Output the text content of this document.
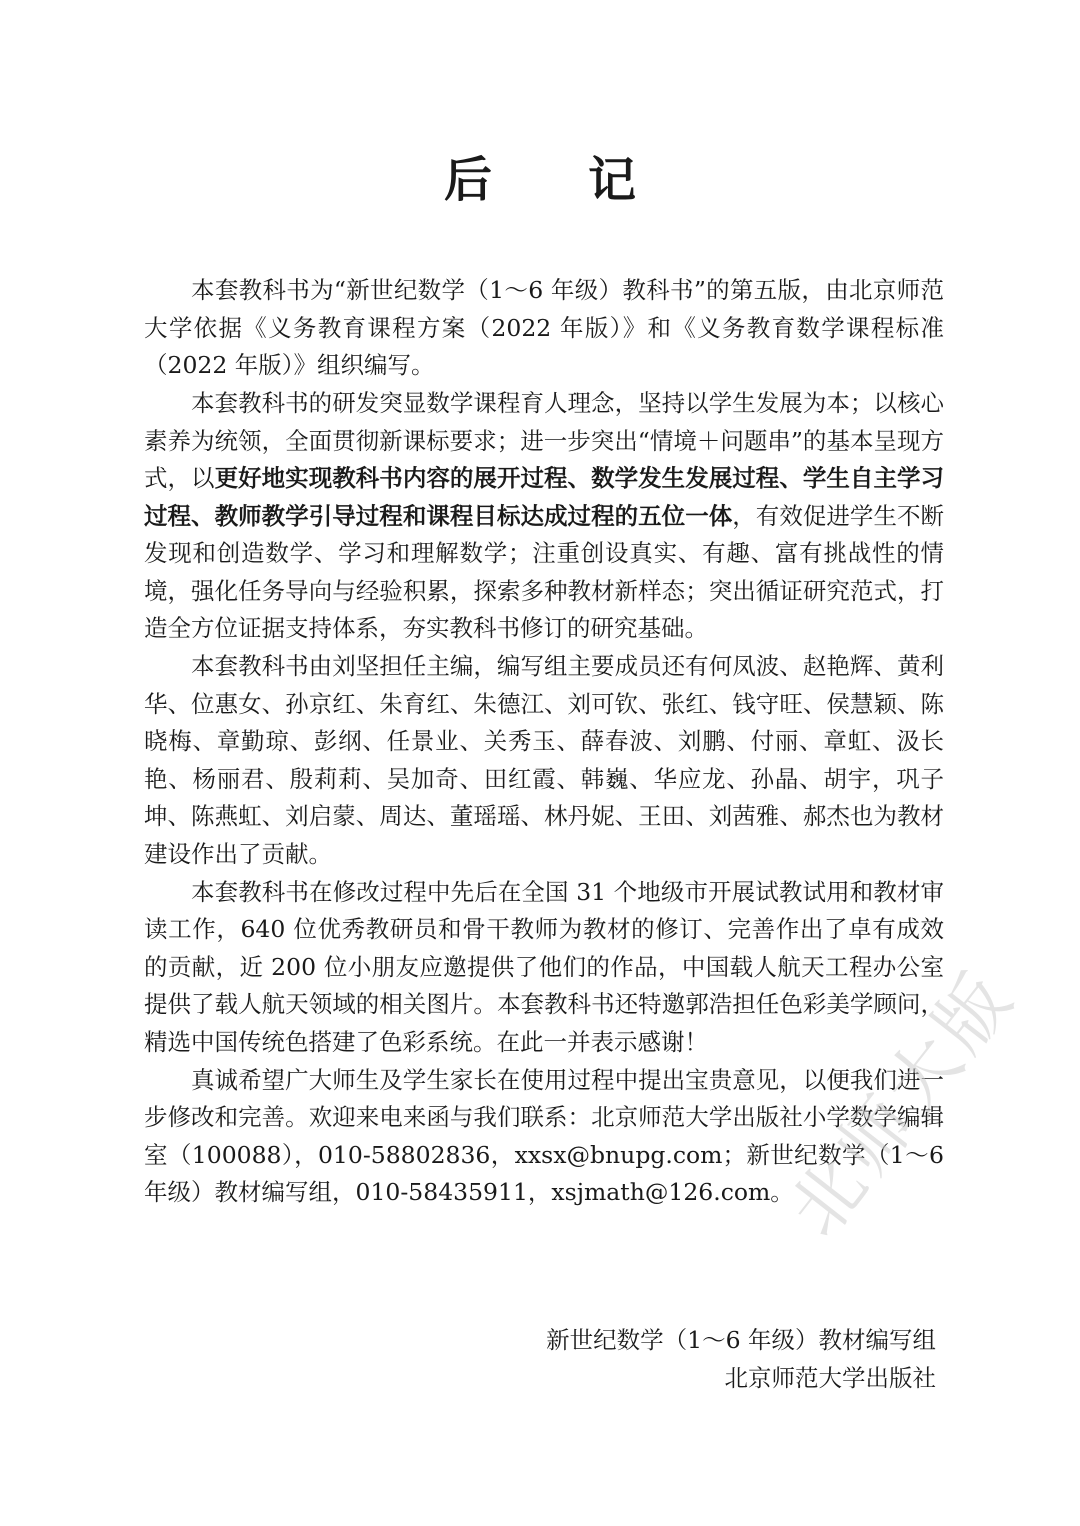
后 记

本套教科书为“新世纪数学（1～6 年级）教科书”的第五版，由北京师范大学依据《义务教育课程方案（2022 年版）》和《义务教育数学课程标准（2022 年版）》组织编写。

本套教科书的研发突显数学课程育人理念，坚持以学生发展为本；以核心素养为统领，全面贯彻新课标要求；进一步突出“情境＋问题串”的基本呈现方式，以更好地实现教科书内容的展开过程、数学发生发展过程、学生自主学习过程、教师教学引导过程和课程目标达成过程的五位一体，有效促进学生不断发现和创造数学、学习和理解数学；注重创设真实、有趣、富有挑战性的情境，强化任务导向与经验积累，探索多种教材新样态；突出循证研究范式，打造全方位证据支持体系，夯实教科书修订的研究基础。

本套教科书由刘坚担任主编，编写组主要成员还有何凤波、赵艳辉、黄利华、位惠女、孙京红、朱育红、朱德江、刘可钦、张红、钱守旺、侯慧颖、陈晓梅、章勤琼、彭纲、任景业、关秀玉、薛春波、刘鹏、付丽、章虹、汲长艳、杨丽君、殷莉莉、吴加奇、田红霞、韩巍、华应龙、孙晶、胡宇，巩子坤、陈燕虹、刘启蒙、周达、董瑶瑶、林丹妮、王田、刘茜雅、郝杰也为教材建设作出了贡献。

本套教科书在修改过程中先后在全国 31 个地级市开展试教试用和教材审读工作，640 位优秀教研员和骨干教师为教材的修订、完善作出了卓有成效的贡献，近 200 位小朋友应邀提供了他们的作品，中国载人航天工程办公室提供了载人航天领域的相关图片。本套教科书还特邀郭浩担任色彩美学顾问，精选中国传统色搭建了色彩系统。在此一并表示感谢！

真诚希望广大师生及学生家长在使用过程中提出宝贵意见，以便我们进一步修改和完善。欢迎来电来函与我们联系：北京师范大学出版社小学数学编辑室（100088），010-58802836，xxsx@bnupg.com；新世纪数学（1～6 年级）教材编写组，010-58435911，xsjmath@126.com。

新世纪数学（1～6 年级）教材编写组
北京师范大学出版社
北师大版
